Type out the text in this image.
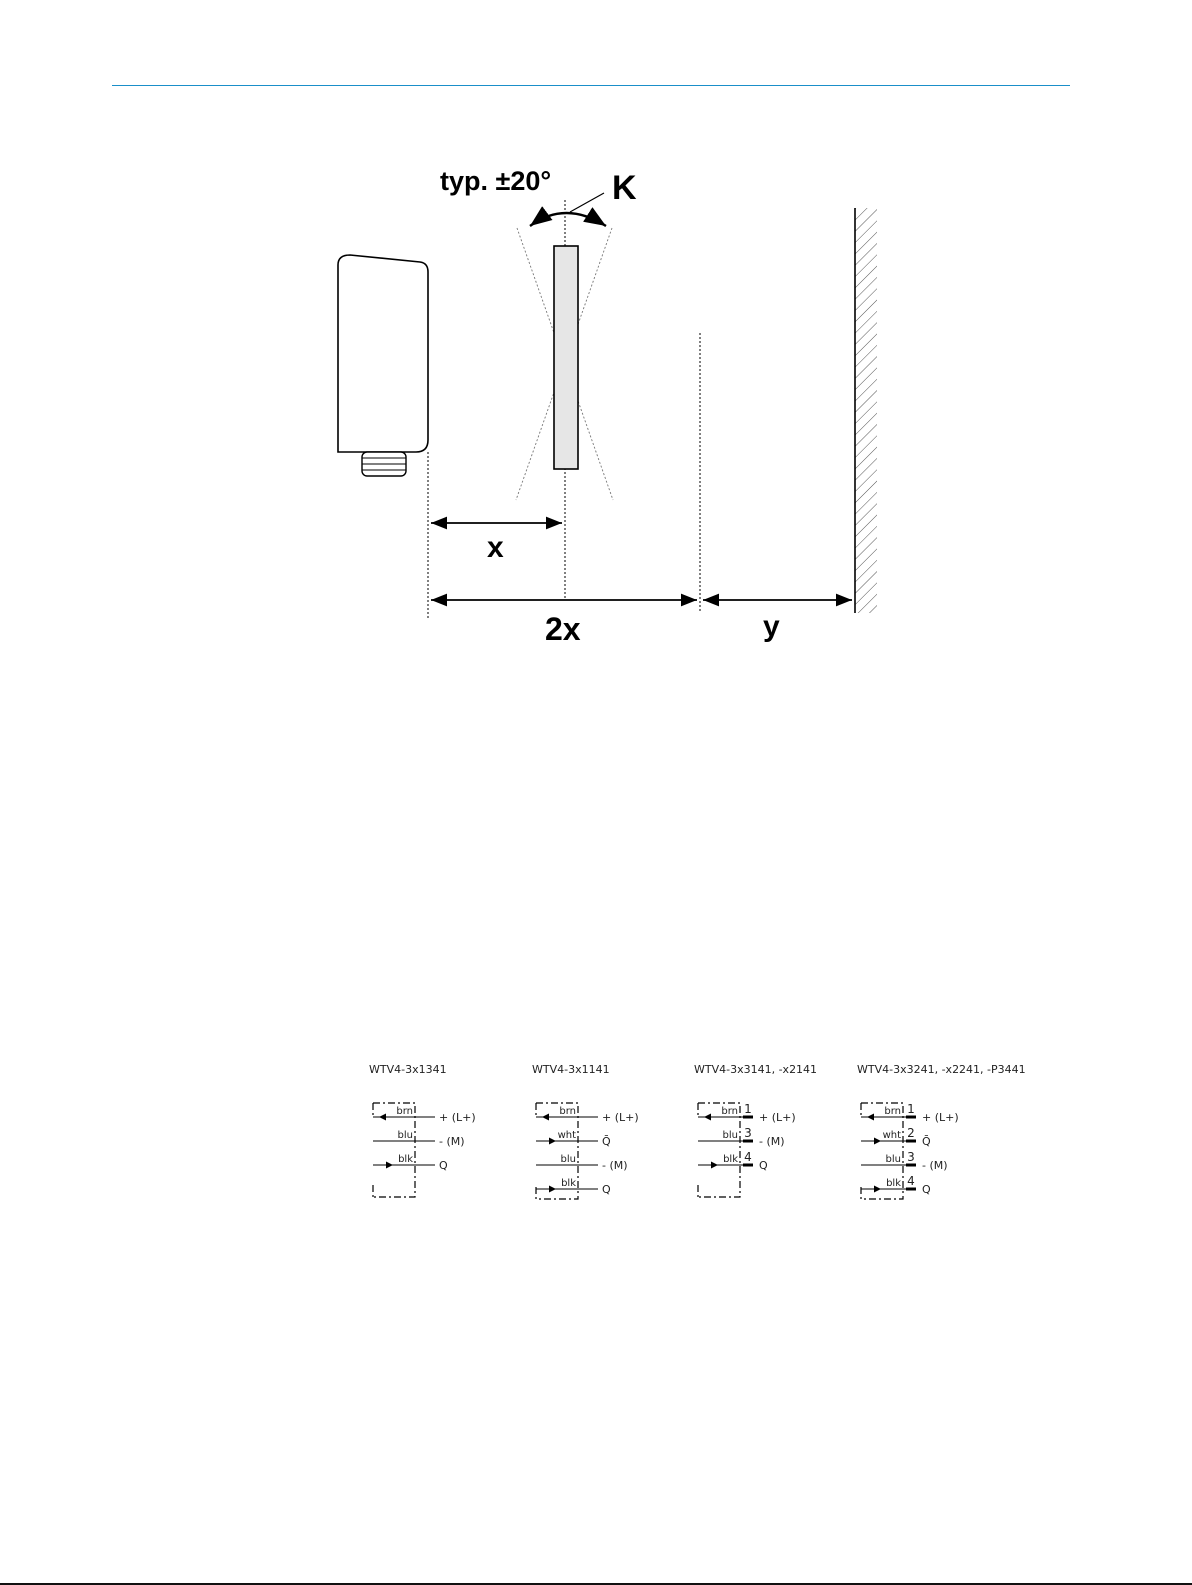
typ. ±20° K
x
2x	y
WTV4-3x1341
brn + (L+)
blu - (M)
blk Q
WTV4-3x1141
brn + (L+)
wht Q̄
blu - (M)
blk Q
WTV4-3x3141, -x2141
brn 1
+ (L+)
blu 3
- (M)
blk 4
Q
WTV4-3x3241, -x2241, -P3441
brn 1
+ (L+)
wht 2
Q̄
blu 3
- (M)
blk 4
Q
